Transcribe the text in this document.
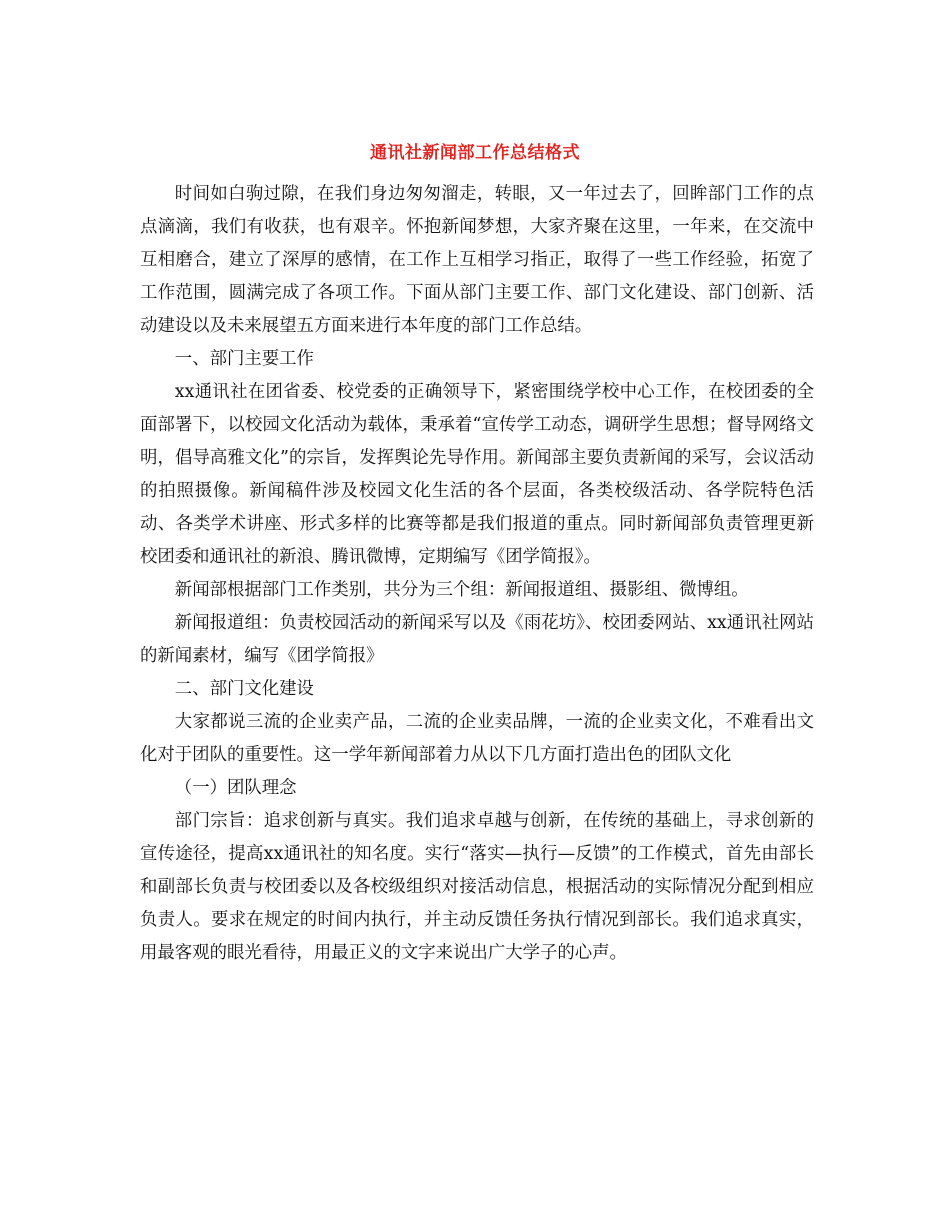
通讯社新闻部工作总结格式

时间如白驹过隙，在我们身边匆匆溜走，转眼，又一年过去了，回眸部门工作的点点滴滴，我们有收获，也有艰辛。怀抱新闻梦想，大家齐聚在这里，一年来，在交流中互相磨合，建立了深厚的感情，在工作上互相学习指正，取得了一些工作经验，拓宽了工作范围，圆满完成了各项工作。下面从部门主要工作、部门文化建设、部门创新、活动建设以及未来展望五方面来进行本年度的部门工作总结。

一、部门主要工作

xx通讯社在团省委、校党委的正确领导下，紧密围绕学校中心工作，在校团委的全面部署下，以校园文化活动为载体，秉承着“宣传学工动态，调研学生思想；督导网络文明，倡导高雅文化”的宗旨，发挥舆论先导作用。新闻部主要负责新闻的采写，会议活动的拍照摄像。新闻稿件涉及校园文化生活的各个层面，各类校级活动、各学院特色活动、各类学术讲座、形式多样的比赛等都是我们报道的重点。同时新闻部负责管理更新校团委和通讯社的新浪、腾讯微博，定期编写《团学简报》。

新闻部根据部门工作类别，共分为三个组：新闻报道组、摄影组、微博组。

新闻报道组：负责校园活动的新闻采写以及《雨花坊》、校团委网站、xx通讯社网站的新闻素材，编写《团学简报》

二、部门文化建设

大家都说三流的企业卖产品，二流的企业卖品牌，一流的企业卖文化，不难看出文化对于团队的重要性。这一学年新闻部着力从以下几方面打造出色的团队文化

（一）团队理念

部门宗旨：追求创新与真实。我们追求卓越与创新，在传统的基础上，寻求创新的宣传途径，提高xx通讯社的知名度。实行“落实—执行—反馈”的工作模式，首先由部长和副部长负责与校团委以及各校级组织对接活动信息，根据活动的实际情况分配到相应负责人。要求在规定的时间内执行，并主动反馈任务执行情况到部长。我们追求真实，用最客观的眼光看待，用最正义的文字来说出广大学子的心声。
